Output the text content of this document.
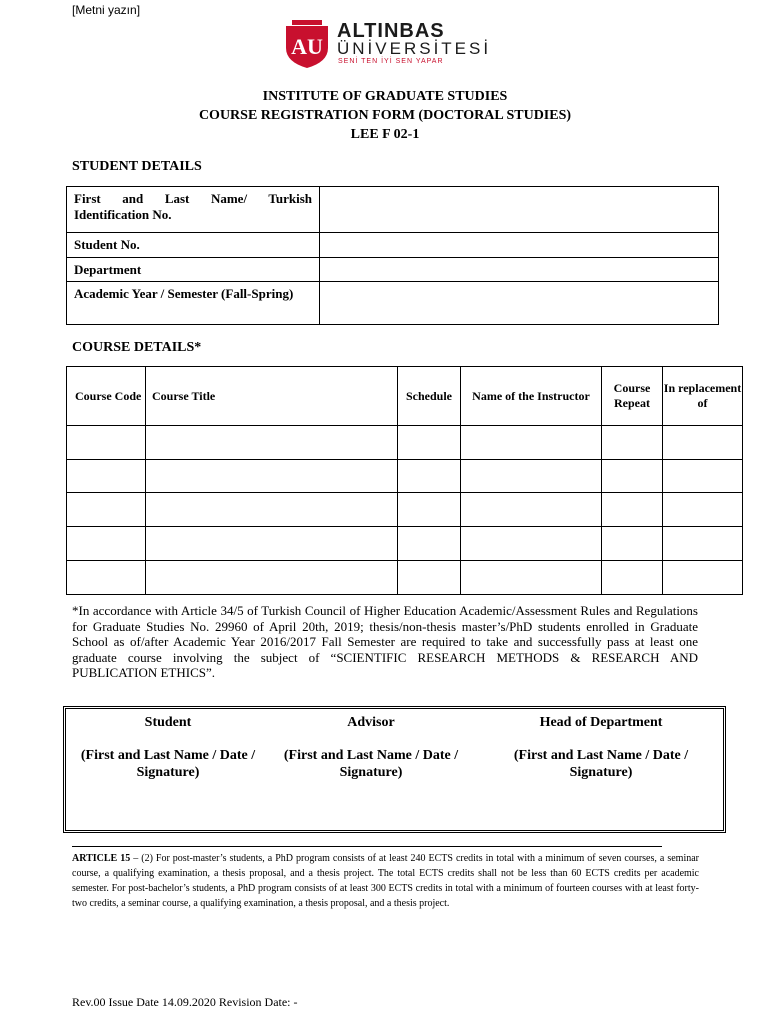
[Metni yazın]
AU
ALTINBAS
ÜNİVERSİTESİ
SENİ TEN İYİ SEN YAPAR
INSTITUTE OF GRADUATE STUDIES
COURSE REGISTRATION FORM (DOCTORAL STUDIES)
LEE F 02-1
STUDENT DETAILS
First and Last Name/ Turkish Identification No.	
Student No.	
Department	
Academic Year / Semester (Fall-Spring)	
COURSE DETAILS*
Course Code	Course Title	Schedule	Name of the Instructor	Course Repeat	In replacement of

*In accordance with Article 34/5 of Turkish Council of Higher Education Academic/Assessment Rules and Regulations for Graduate Studies No. 29960 of April 20th, 2019; thesis/non-thesis master’s/PhD students enrolled in Graduate School as of/after Academic Year 2016/2017 Fall Semester are required to take and successfully pass at least one graduate course involving the subject of “SCIENTIFIC RESEARCH METHODS & RESEARCH AND PUBLICATION ETHICS”.
Student
(First and Last Name / Date / Signature)
Advisor
(First and Last Name / Date / Signature)
Head of Department
(First and Last Name / Date / Signature)
ARTICLE 15 – (2) For post-master’s students, a PhD program consists of at least 240 ECTS credits in total with a minimum of seven courses, a seminar course, a qualifying examination, a thesis proposal, and a thesis project. The total ECTS credits shall not be less than 60 ECTS credits per academic semester. For post-bachelor’s students, a PhD program consists of at least 300 ECTS credits in total with a minimum of fourteen courses with at least forty-two credits, a seminar course, a qualifying examination, a thesis proposal, and a thesis project.
Rev.00 Issue Date 14.09.2020 Revision Date: -
